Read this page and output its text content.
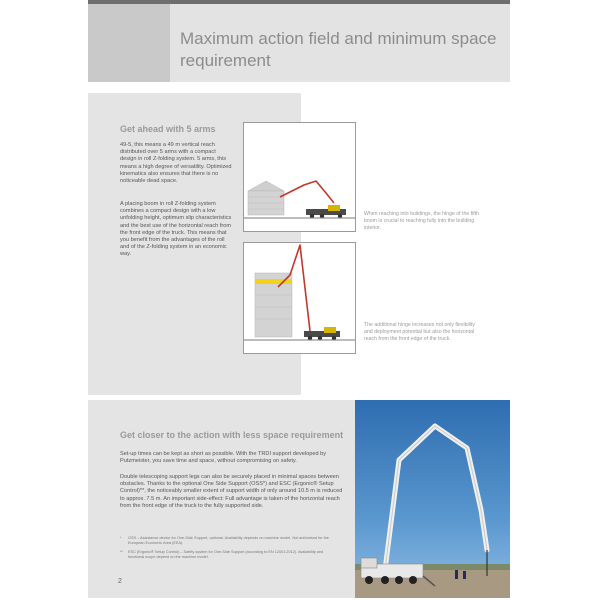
Maximum action field and minimum space requirement
Get ahead with 5 arms
49-5, this means a 49 m vertical reach distributed over 5 arms with a compact design in roll Z-folding system. 5 arms, this means a high degree of versatility. Optimized kinematics also ensures that there is no noticeable dead space.
A placing boom in roll Z-folding system combines a compact design with a low unfolding height, optimum slip characteristics and the best use of the horizontal reach from the front edge of the truck. This means that you benefit from the advantages of the roll and of the Z-folding system in an economic way.
When reaching into buildings, the hinge of the fifth boom is crucial to reaching fully into the building interior.
The additional hinge increases not only flexibility and deployment potential but also the horizontal reach from the front edge of the truck.
Get closer to the action with less space requirement
Set-up times can be kept as short as possible. With the TRDI support developed by Putzmeister, you save time and space, without compromising on safety.
Double telescoping support legs can also be securely placed in minimal spaces between obstacles. Thanks to the optional One Side Support (OSS*) and ESC (Ergonic® Setup Control)**, the noticeably smaller extent of support width of only around 10.5 m is reduced to approx. 7.5 m. An important side-effect: Full advantage is taken of the horizontal reach from the front edge of the truck to the fully supported side.
*	OSS – Assistance device for One-Side Support, optional. Availability depends on machine model. Not authorised for the European Economic Area (EEA).
**	ESC (Ergonic® Setup Control) – Safety system for One-Side Support (according to EN 12001:2012). Availability and functional scope depend on the machine model.
2
